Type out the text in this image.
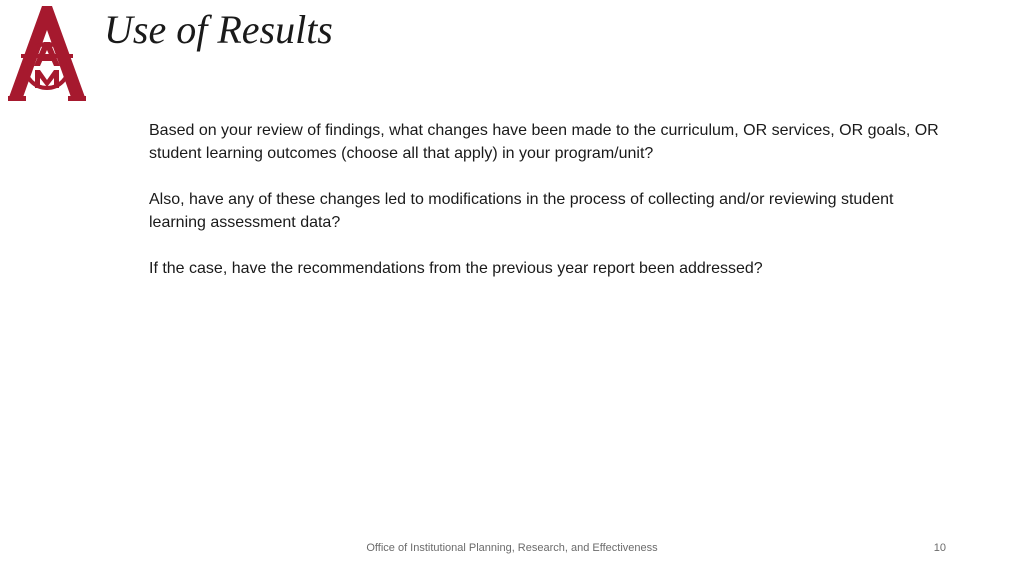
Use of Results

Based on your review of findings, what changes have been made to the curriculum, OR services, OR goals, OR student learning outcomes (choose all that apply) in your program/unit?

Also, have any of these changes led to modifications in the process of collecting and/or reviewing student learning assessment data?

If the case, have the recommendations from the previous year report been addressed?

Office of Institutional Planning, Research, and Effectiveness	10
